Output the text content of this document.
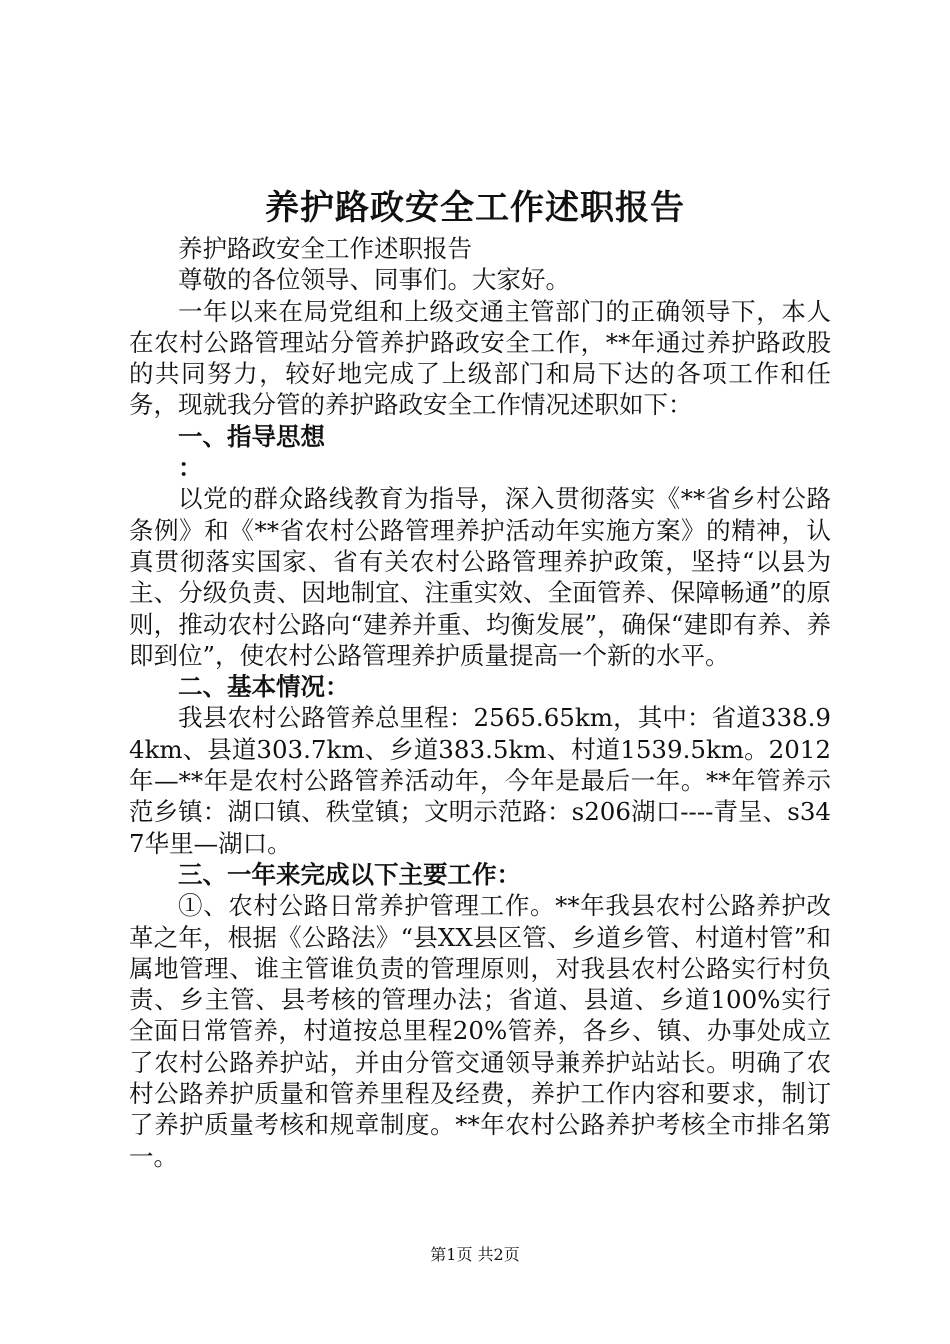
养护路政安全工作述职报告

养护路政安全工作述职报告

尊敬的各位领导、同事们。大家好。

一年以来在局党组和上级交通主管部门的正确领导下，本人在农村公路管理站分管养护路政安全工作，**年通过养护路政股的共同努力，较好地完成了上级部门和局下达的各项工作和任务，现就我分管的养护路政安全工作情况述职如下：

一、指导思想

：

以党的群众路线教育为指导，深入贯彻落实《**省乡村公路条例》和《**省农村公路管理养护活动年实施方案》的精神，认真贯彻落实国家、省有关农村公路管理养护政策，坚持“以县为主、分级负责、因地制宜、注重实效、全面管养、保障畅通”的原则，推动农村公路向“建养并重、均衡发展”，确保“建即有养、养即到位”，使农村公路管理养护质量提高一个新的水平。

二、基本情况：

我县农村公路管养总里程：2565.65km，其中：省道338.94km、县道303.7km、乡道383.5km、村道1539.5km。2012年—**年是农村公路管养活动年，今年是最后一年。**年管养示范乡镇：湖口镇、秩堂镇；文明示范路：s206湖口----青呈、s347华里—湖口。

三、一年来完成以下主要工作：

①、农村公路日常养护管理工作。**年我县农村公路养护改革之年，根据《公路法》“县XX县区管、乡道乡管、村道村管”和属地管理、谁主管谁负责的管理原则，对我县农村公路实行村负责、乡主管、县考核的管理办法；省道、县道、乡道100%实行全面日常管养，村道按总里程20%管养，各乡、镇、办事处成立了农村公路养护站，并由分管交通领导兼养护站站长。明确了农村公路养护质量和管养里程及经费，养护工作内容和要求，制订了养护质量考核和规章制度。**年农村公路养护考核全市排名第一。

第1页 共2页
